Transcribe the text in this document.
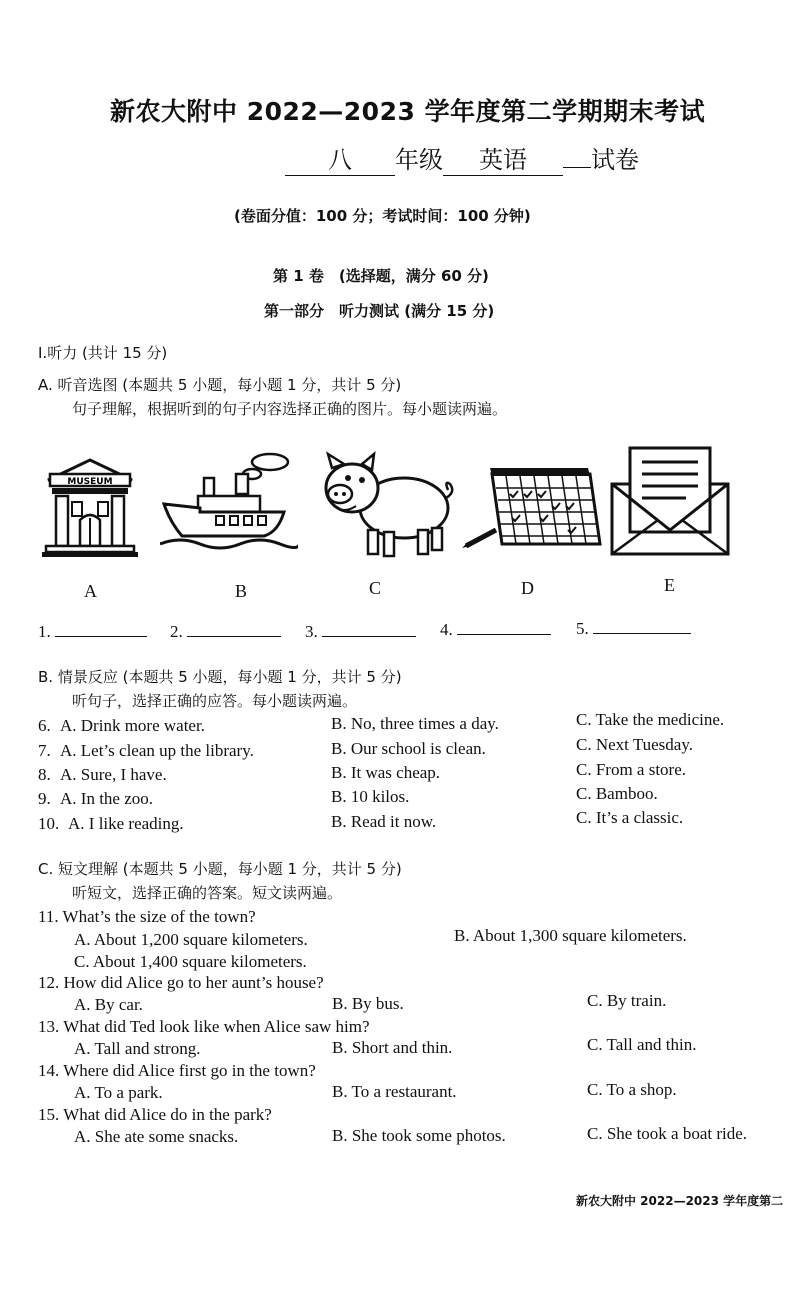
新农大附中 2022—2023 学年度第二学期期末考试
八 年级 英语	试卷
(卷面分值：100 分；考试时间：100 分钟)
第 1 卷　(选择题，满分 60 分)
第一部分　听力测试 (满分 15 分)
I.听力 (共计 15 分)
A. 听音选图 (本题共 5 小题，每小题 1 分，共计 5 分)
句子理解，根据听到的句子内容选择正确的图片。每小题读两遍。
MUSEUM
A	B	C	D	E
1.	2.	3.	4.	5.
B. 情景反应 (本题共 5 小题，每小题 1 分，共计 5 分)
听句子，选择正确的应答。每小题读两遍。
6. A. Drink more water.	B. No, three times a day.	C. Take the medicine.
7. A. Let’s clean up the library.	B. Our school is clean.	C. Next Tuesday.
8. A. Sure, I have.	B. It was cheap.	C. From a store.
9. A. In the zoo.	B. 10 kilos.	C. Bamboo.
10. A. I like reading.	B. Read it now.	C. It’s a classic.
C. 短文理解 (本题共 5 小题，每小题 1 分，共计 5 分)
听短文，选择正确的答案。短文读两遍。
11. What’s the size of the town?
A. About 1,200 square kilometers.	B. About 1,300 square kilometers.
C. About 1,400 square kilometers.
12. How did Alice go to her aunt’s house?
A. By car.	B. By bus.	C. By train.
13. What did Ted look like when Alice saw him?
A. Tall and strong.	B. Short and thin.	C. Tall and thin.
14. Where did Alice first go in the town?
A. To a park.	B. To a restaurant.	C. To a shop.
15. What did Alice do in the park?
A. She ate some snacks.	B. She took some photos.	C. She took a boat ride.
新农大附中 2022—2023 学年度第二
